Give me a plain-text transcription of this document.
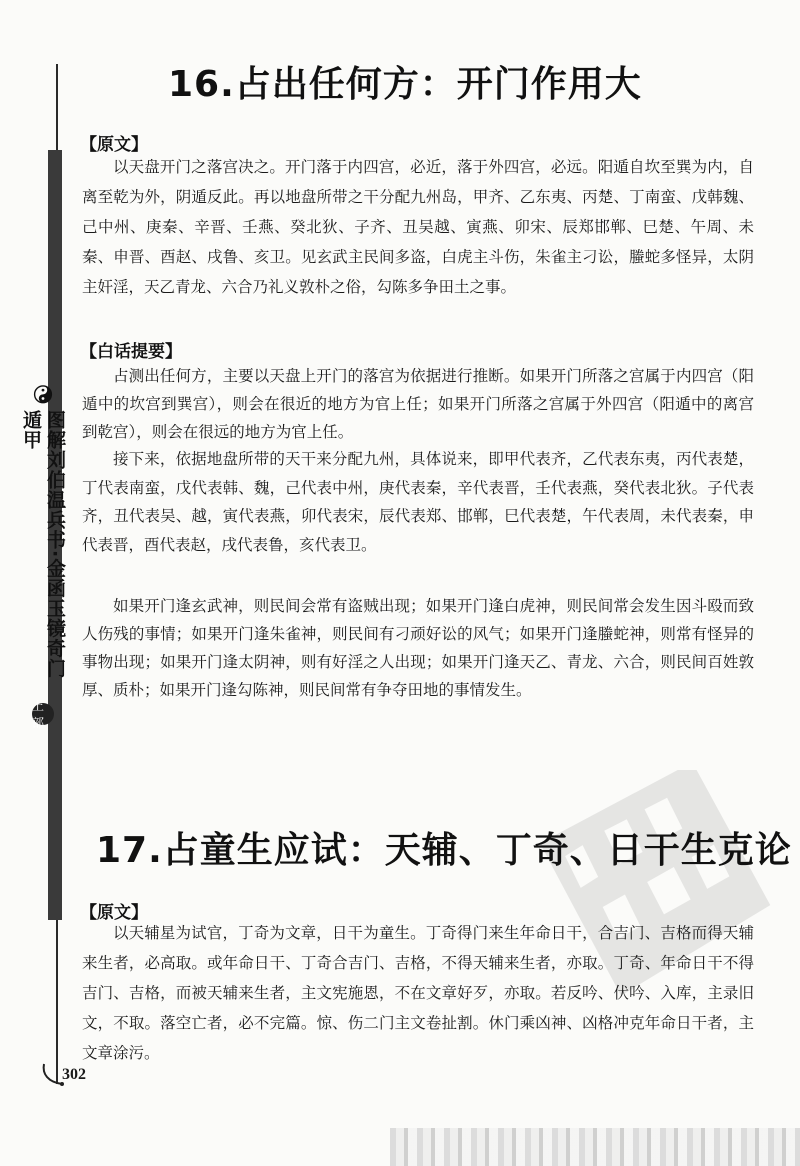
图解刘伯温兵书·金函玉镜奇门遁甲
上部
16.占出任何方：开门作用大
【原文】

以天盘开门之落宫决之。开门落于内四宫，必近，落于外四宫，必远。阳遁自坎至巽为内，自离至乾为外，阴遁反此。再以地盘所带之干分配九州岛，甲齐、乙东夷、丙楚、丁南蛮、戊韩魏、己中州、庚秦、辛晋、壬燕、癸北狄、子齐、丑吴越、寅燕、卯宋、辰郑邯郸、巳楚、午周、未秦、申晋、酉赵、戌鲁、亥卫。见玄武主民间多盗，白虎主斗伤，朱雀主刁讼，螣蛇多怪异，太阴主奸淫，天乙青龙、六合乃礼义敦朴之俗，勾陈多争田土之事。

【白话提要】

占测出任何方，主要以天盘上开门的落宫为依据进行推断。如果开门所落之宫属于内四宫（阳遁中的坎宫到巽宫），则会在很近的地方为官上任；如果开门所落之宫属于外四宫（阳遁中的离宫到乾宫），则会在很远的地方为官上任。

接下来，依据地盘所带的天干来分配九州，具体说来，即甲代表齐，乙代表东夷，丙代表楚，丁代表南蛮，戊代表韩、魏，己代表中州，庚代表秦，辛代表晋，壬代表燕，癸代表北狄。子代表齐，丑代表吴、越，寅代表燕，卯代表宋，辰代表郑、邯郸，巳代表楚，午代表周，未代表秦，申代表晋，酉代表赵，戌代表鲁，亥代表卫。

如果开门逢玄武神，则民间会常有盗贼出现；如果开门逢白虎神，则民间常会发生因斗殴而致人伤残的事情；如果开门逢朱雀神，则民间有刁顽好讼的风气；如果开门逢螣蛇神，则常有怪异的事物出现；如果开门逢太阴神，则有好淫之人出现；如果开门逢天乙、青龙、六合，则民间百姓敦厚、质朴；如果开门逢勾陈神，则民间常有争夺田地的事情发生。

17.占童生应试：天辅、丁奇、日干生克论
【原文】

以天辅星为试官，丁奇为文章，日干为童生。丁奇得门来生年命日干，合吉门、吉格而得天辅来生者，必高取。或年命日干、丁奇合吉门、吉格，不得天辅来生者，亦取。丁奇、年命日干不得吉门、吉格，而被天辅来生者，主文宪施恩，不在文章好歹，亦取。若反吟、伏吟、入库，主录旧文，不取。落空亡者，必不完篇。惊、伤二门主文卷扯割。休门乘凶神、凶格冲克年命日干者，主文章涂污。

302
